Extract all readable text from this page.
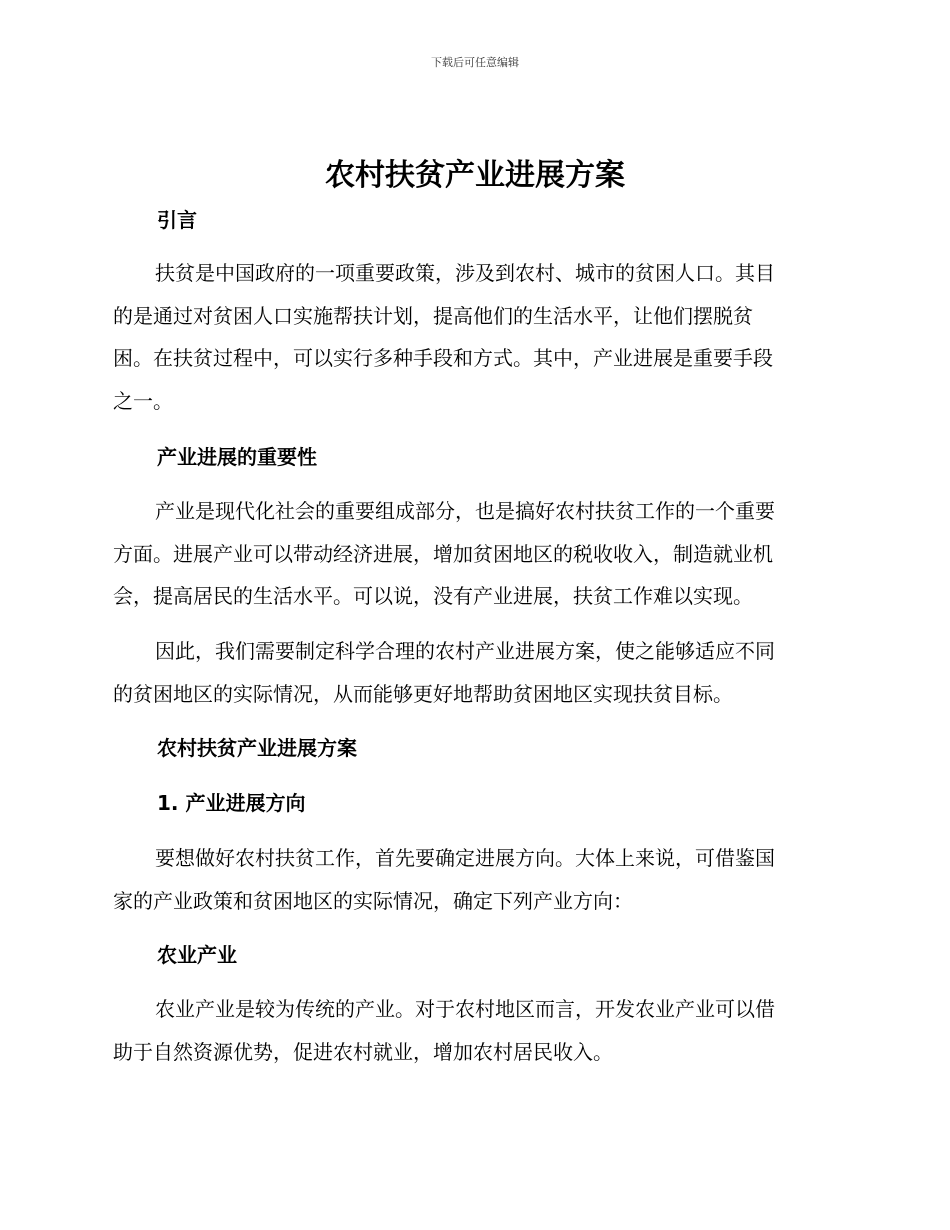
下载后可任意编辑
农村扶贫产业进展方案
引言
扶贫是中国政府的一项重要政策，涉及到农村、城市的贫困人口。其目
的是通过对贫困人口实施帮扶计划，提高他们的生活水平，让他们摆脱贫
困。在扶贫过程中，可以实行多种手段和方式。其中，产业进展是重要手段
之一。
产业进展的重要性
产业是现代化社会的重要组成部分，也是搞好农村扶贫工作的一个重要
方面。进展产业可以带动经济进展，增加贫困地区的税收收入，制造就业机
会，提高居民的生活水平。可以说，没有产业进展，扶贫工作难以实现。
因此，我们需要制定科学合理的农村产业进展方案，使之能够适应不同
的贫困地区的实际情况，从而能够更好地帮助贫困地区实现扶贫目标。
农村扶贫产业进展方案
1. 产业进展方向
要想做好农村扶贫工作，首先要确定进展方向。大体上来说，可借鉴国
家的产业政策和贫困地区的实际情况，确定下列产业方向：
农业产业
农业产业是较为传统的产业。对于农村地区而言，开发农业产业可以借
助于自然资源优势，促进农村就业，增加农村居民收入。
